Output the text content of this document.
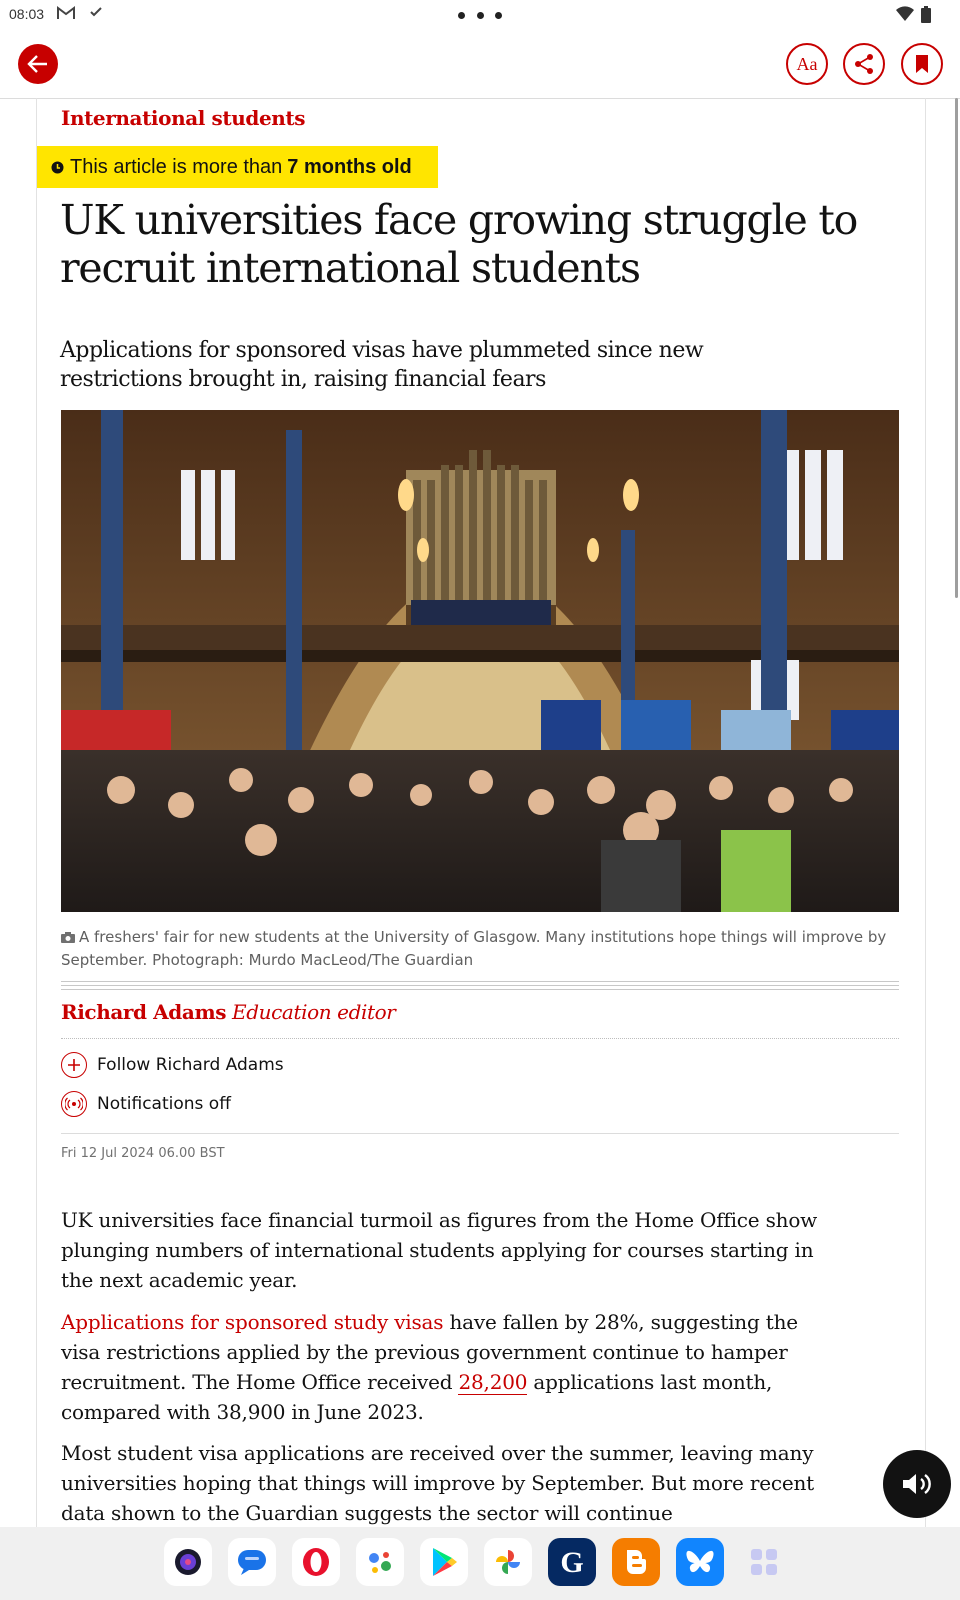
08:03
Aa
International students
This article is more than 7 months old
UK universities face growing struggle to recruit international students

Applications for sponsored visas have plummeted since new restrictions brought in, raising financial fears

A freshers' fair for new students at the University of Glasgow. Many institutions hope things will improve by September. Photograph: Murdo MacLeod/The Guardian
Richard Adams Education editor
Follow Richard Adams
Notifications off
Fri 12 Jul 2024 06.00 BST

UK universities face financial turmoil as figures from the Home Office show plunging numbers of international students applying for courses starting in the next academic year.

Applications for sponsored study visas have fallen by 28%, suggesting the visa restrictions applied by the previous government continue to hamper recruitment. The Home Office received 28,200 applications last month, compared with 38,900 in June 2023.

Most student visa applications are received over the summer, leaving many universities hoping that things will improve by September. But more recent data shown to the Guardian suggests the sector will continue

G
